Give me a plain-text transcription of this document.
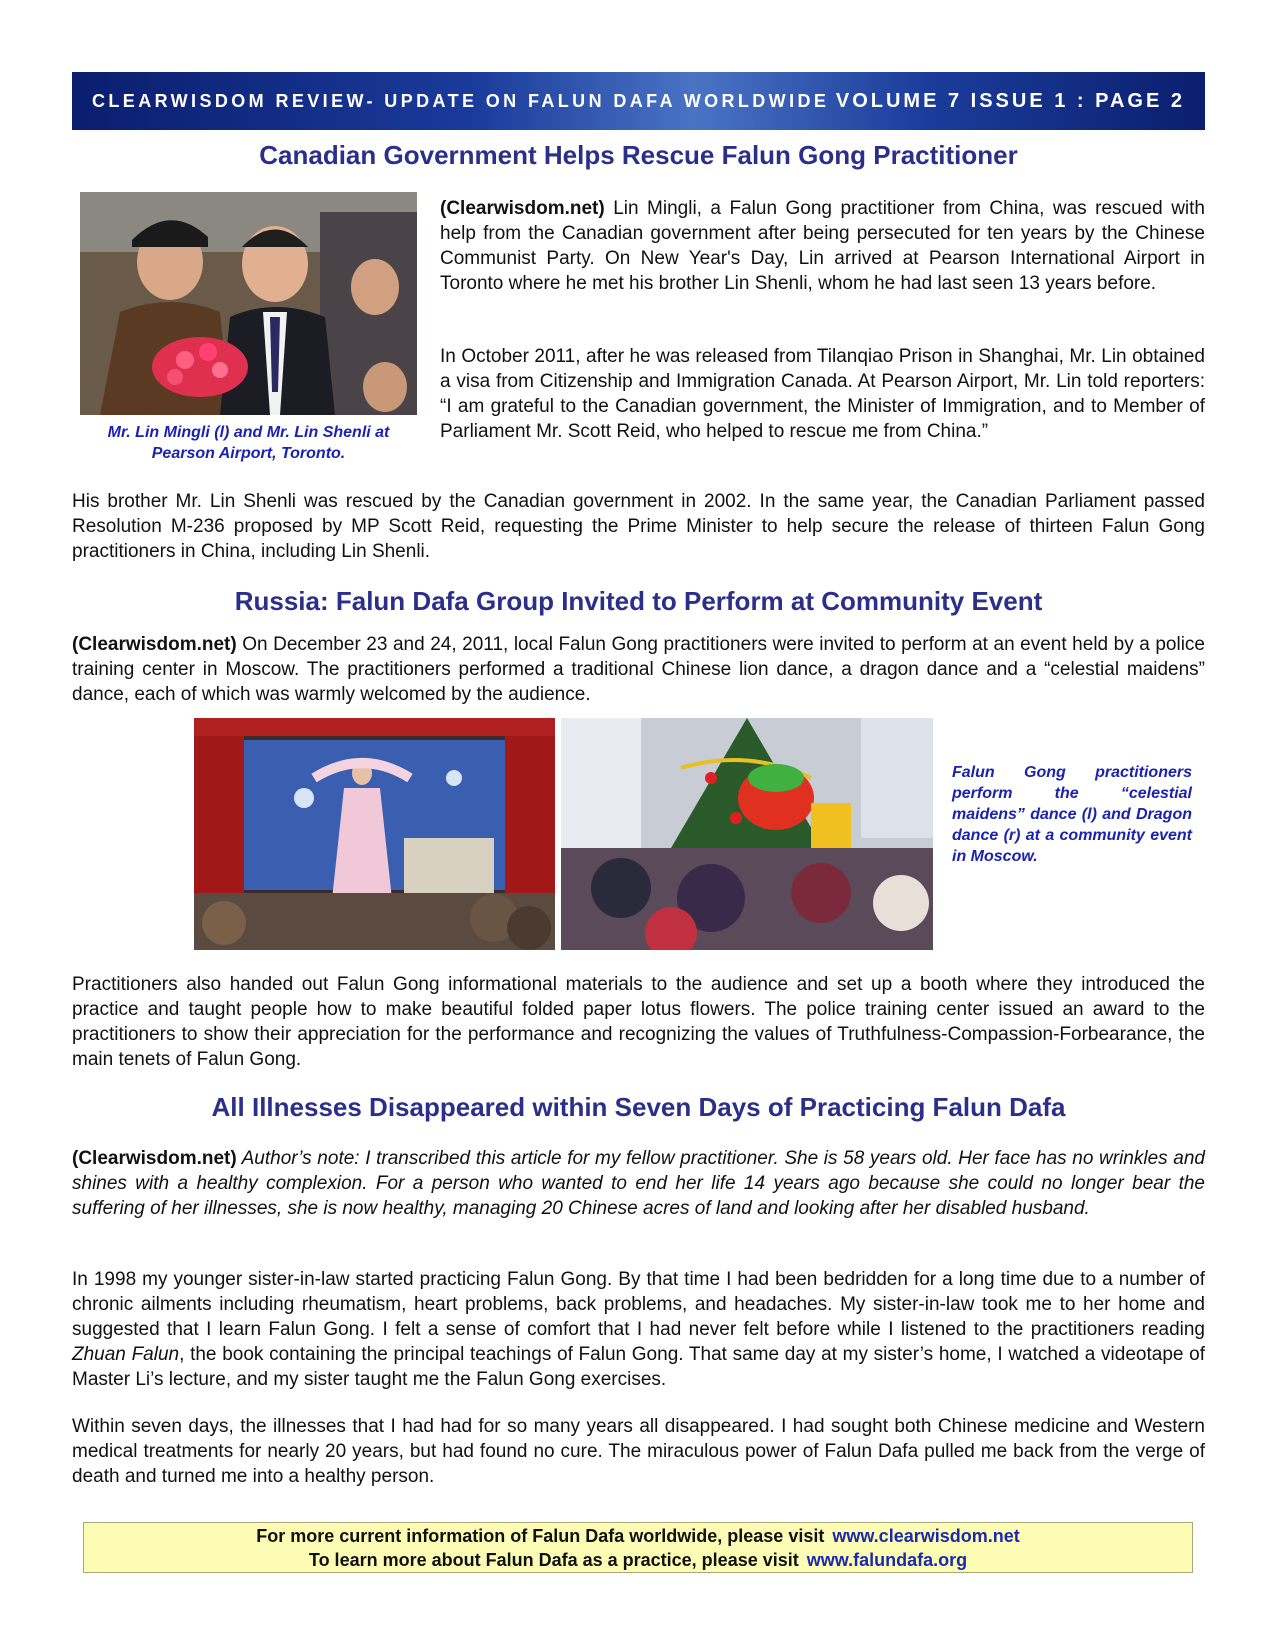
CLEARWISDOM REVIEW- UPDATE ON FALUN DAFA WORLDWIDE VOLUME 7 ISSUE 1 : PAGE 2
Canadian Government Helps Rescue Falun Gong Practitioner

Mr. Lin Mingli (l) and Mr. Lin Shenli at Pearson Airport, Toronto.

(Clearwisdom.net) Lin Mingli, a Falun Gong practitioner from China, was rescued with help from the Canadian government after being persecuted for ten years by the Chinese Communist Party. On New Year's Day, Lin arrived at Pearson International Airport in Toronto where he met his brother Lin Shenli, whom he had last seen 13 years before.

In October 2011, after he was released from Tilanqiao Prison in Shanghai, Mr. Lin obtained a visa from Citizenship and Immigration Canada. At Pearson Airport, Mr. Lin told reporters: “I am grateful to the Canadian government, the Minister of Immigration, and to Member of Parliament Mr. Scott Reid, who helped to rescue me from China.”

His brother Mr. Lin Shenli was rescued by the Canadian government in 2002. In the same year, the Canadian Parliament passed Resolution M-236 proposed by MP Scott Reid, requesting the Prime Minister to help secure the release of thirteen Falun Gong practitioners in China, including Lin Shenli.

Russia: Falun Dafa Group Invited to Perform at Community Event

(Clearwisdom.net) On December 23 and 24, 2011, local Falun Gong practitioners were invited to perform at an event held by a police training center in Moscow. The practitioners performed a traditional Chinese lion dance, a dragon dance and a “celestial maidens” dance, each of which was warmly welcomed by the audience.

Falun Gong practitioners perform the “celestial maidens” dance (l) and Dragon dance (r) at a community event in Moscow.

Practitioners also handed out Falun Gong informational materials to the audience and set up a booth where they introduced the practice and taught people how to make beautiful folded paper lotus flowers. The police training center issued an award to the practitioners to show their appreciation for the performance and recognizing the values of Truthfulness-Compassion-Forbearance, the main tenets of Falun Gong.

All Illnesses Disappeared within Seven Days of Practicing Falun Dafa

(Clearwisdom.net) Author’s note: I transcribed this article for my fellow practitioner. She is 58 years old. Her face has no wrinkles and shines with a healthy complexion. For a person who wanted to end her life 14 years ago because she could no longer bear the suffering of her illnesses, she is now healthy, managing 20 Chinese acres of land and looking after her disabled husband.

In 1998 my younger sister-in-law started practicing Falun Gong. By that time I had been bedridden for a long time due to a number of chronic ailments including rheumatism, heart problems, back problems, and headaches. My sister-in-law took me to her home and suggested that I learn Falun Gong. I felt a sense of comfort that I had never felt before while I listened to the practitioners reading Zhuan Falun, the book containing the principal teachings of Falun Gong. That same day at my sister’s home, I watched a videotape of Master Li’s lecture, and my sister taught me the Falun Gong exercises.

Within seven days, the illnesses that I had had for so many years all disappeared. I had sought both Chinese medicine and Western medical treatments for nearly 20 years, but had found no cure. The miraculous power of Falun Dafa pulled me back from the verge of death and turned me into a healthy person.

For more current information of Falun Dafa worldwide, please visit www.clearwisdom.net
To learn more about Falun Dafa as a practice, please visit www.falundafa.org
